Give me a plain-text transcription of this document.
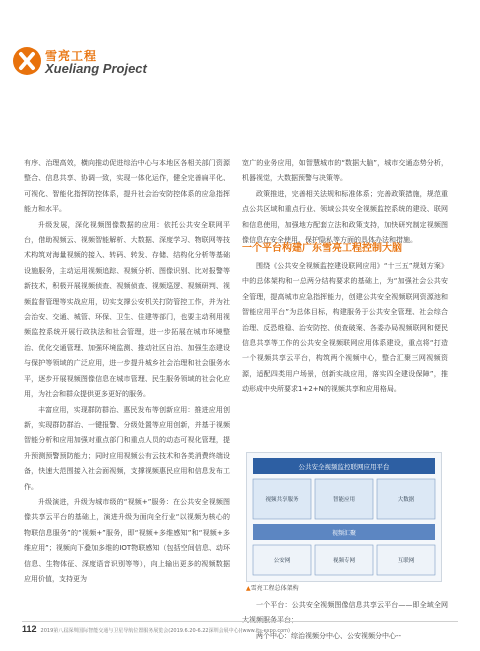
雪亮工程
Xueliang Project

有序、治理高效，横向推动促进综治中心与本地区各相关部门资源整合、信息共享、协调一致，实现一体化运作，健全完善扁平化、可视化、智能化指挥防控体系，提升社会治安防控体系的应急指挥能力和水平。

升级发展，深化视频图像数据的应用：依托公共安全联网平台，借助视频云、视频智能解析、大数据、深度学习、物联网等技术构筑对海量视频的接入、转码、转发、存储、结构化分析等基础设施服务，主动运用视频追踪、视频分析、图像识别、比对报警等新技术，积极开展视频侦查、视频侦查、视频巡逻、视频研判、视频监督管理等实战应用，切实支撑公安机关打防管控工作，并为社会治安、交通、城管、环保、卫生、住建等部门，也要主动利用视频监控系统开展行政执法和社会管理，进一步拓展在城市环境整治、优化交通管理、加强环境监测、推动社区自治、加强生态建设与保护等领域的广泛应用，进一步提升城乡社会治理和社会服务水平，逐步开展视频图像信息在城市管理、民生服务领域的社会化应用，为社会和群众提供更多更好的服务。

丰富应用，实现群防群治、惠民发布等创新应用：推进应用创新，实现群防群治、一键报警、分级处置等应用创新，并基于视频智能分析和应用加强对重点部门和重点人员的动态可视化管理，提升预测预警预防能力；同时应用视频公有云技术和各类消费终端设备，快速大范围接入社会面视频，支撑视频惠民应用和信息发布工作。

升级演进，升级为城市级的“视频+”服务：在公共安全视频图像共享云平台的基础上，演进升级为面向全行业“以视频为核心的物联信息服务”的“视频+”服务，即“视频+多维感知”和“视频+多维应用”；视频向下叠加多维的IOT物联感知（包括空间信息、动环信息、生物体征、深度语音识别等等），向上输出更多的视频数据应用价值，支持更为

宽广的业务应用，如智慧城市的“数据大脑”，城市交通态势分析，机器视觉，大数据预警与决策等。

政策推进，完善相关法规和标准体系；完善政策措施，规范重点公共区域和重点行业、领域公共安全视频监控系统的建设、联网和信息使用，加强地方配套立法和政策支持，加快研究制定视频图像信息在安全使用、保护隐私等方面的具体办法和措施。

一个平台构建广东雪亮工程控制大脑

围绕《公共安全视频监控建设联网应用》“十三五”规划方案》中的总体架构和一总两分结构要求的基础上，为“加强社会公共安全管理，提高城市应急指挥能力，创建公共安全视频联网资源池和智能应用平台”为总体目标，构建服务于公共安全管理、社会综合治理、反恐维稳、治安防控、侦查破案、各委办局视频联网和便民信息共享等工作的公共安全视频联网应用体系建设，重点将“打造一个视频共享云平台，构筑两个视频中心，整合汇聚三网视频资源，适配四类用户场景，创新实战应用，落实四全建设保障”，推动形成中央所要求1+2+N的视频共享和应用格局。

公共安全视频监控联网应用平台
视频共享服务	智能应用	大数据
视频汇聚
公安网	视频专网	互联网
▲雪亮工程总体架构

一个平台：公共安全视频图像信息共享云平台——即全域全网

两个中心：综治视频分中心、公安视频分中心--

112 2019第八届深圳国际智能交通与卫星导航位置服务展览会(2019.6.20-6.22深圳会展中心)(www.its-expo.com)
